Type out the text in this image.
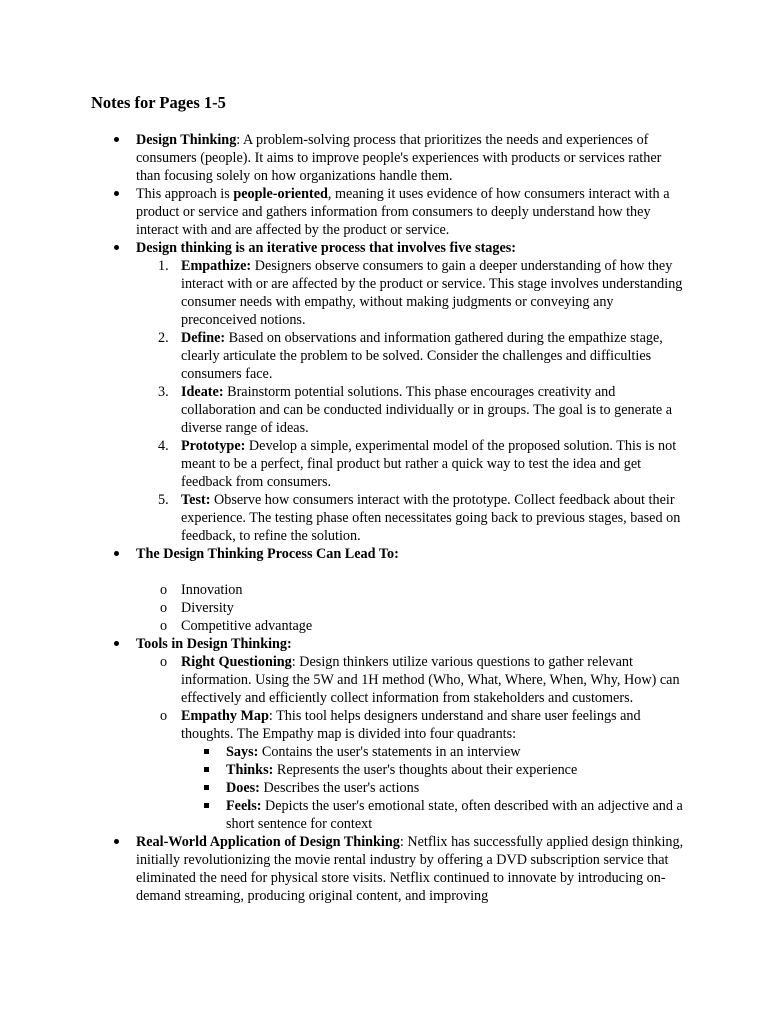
Notes for Pages 1-5
Design Thinking: A problem-solving process that prioritizes the needs and experiences of consumers (people). It aims to improve people's experiences with products or services rather than focusing solely on how organizations handle them.
This approach is people-oriented, meaning it uses evidence of how consumers interact with a product or service and gathers information from consumers to deeply understand how they interact with and are affected by the product or service.
Design thinking is an iterative process that involves five stages:
1. Empathize: Designers observe consumers to gain a deeper understanding of how they interact with or are affected by the product or service. This stage involves understanding consumer needs with empathy, without making judgments or conveying any preconceived notions.
2. Define: Based on observations and information gathered during the empathize stage, clearly articulate the problem to be solved. Consider the challenges and difficulties consumers face.
3. Ideate: Brainstorm potential solutions. This phase encourages creativity and collaboration and can be conducted individually or in groups. The goal is to generate a diverse range of ideas.
4. Prototype: Develop a simple, experimental model of the proposed solution. This is not meant to be a perfect, final product but rather a quick way to test the idea and get feedback from consumers.
5. Test: Observe how consumers interact with the prototype. Collect feedback about their experience. The testing phase often necessitates going back to previous stages, based on feedback, to refine the solution.
The Design Thinking Process Can Lead To:
o Innovation
o Diversity
o Competitive advantage
Tools in Design Thinking:
o Right Questioning: Design thinkers utilize various questions to gather relevant information. Using the 5W and 1H method (Who, What, Where, When, Why, How) can effectively and efficiently collect information from stakeholders and customers.
o Empathy Map: This tool helps designers understand and share user feelings and thoughts. The Empathy map is divided into four quadrants:
Says: Contains the user's statements in an interview
Thinks: Represents the user's thoughts about their experience
Does: Describes the user's actions
Feels: Depicts the user's emotional state, often described with an adjective and a short sentence for context
Real-World Application of Design Thinking: Netflix has successfully applied design thinking, initially revolutionizing the movie rental industry by offering a DVD subscription service that eliminated the need for physical store visits. Netflix continued to innovate by introducing on-demand streaming, producing original content, and improving
